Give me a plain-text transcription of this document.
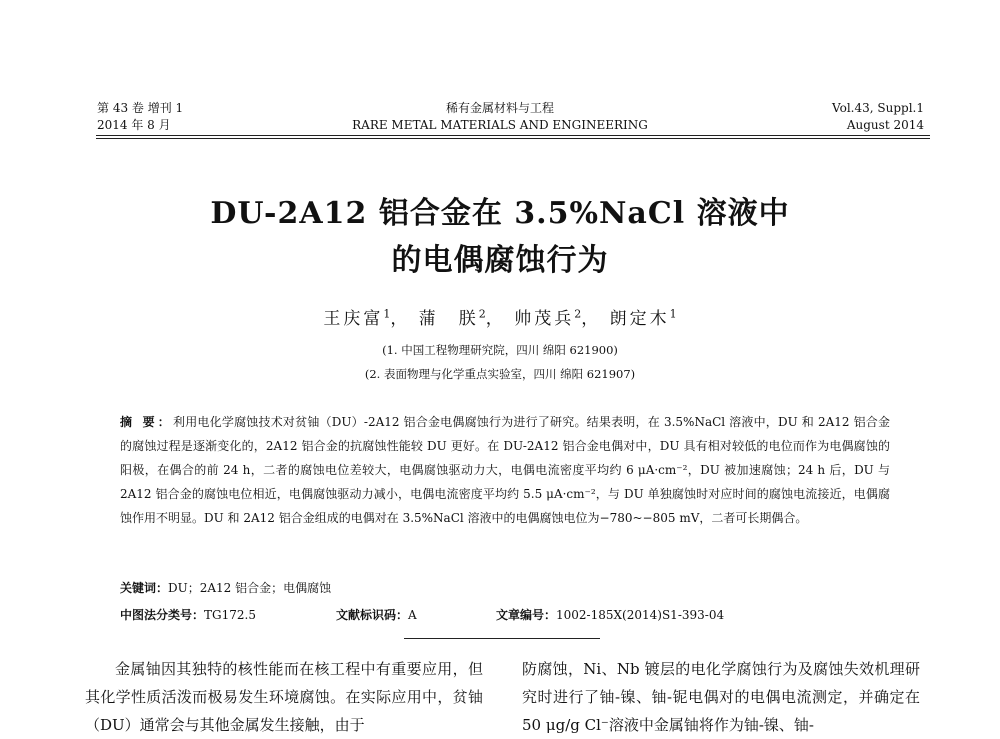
第 43 卷 增刊 1
2014 年 8 月
稀有金属材料与工程
RARE METAL MATERIALS AND ENGINEERING
Vol.43, Suppl.1
August 2014
DU-2A12 铝合金在 3.5%NaCl 溶液中
的电偶腐蚀行为
王庆富$^1$， 蒲　朕$^2$， 帅茂兵$^2$， 朗定木$^1$
(1. 中国工程物理研究院，四川 绵阳 621900)
(2. 表面物理与化学重点实验室，四川 绵阳 621907)
摘 要：利用电化学腐蚀技术对贫铀（DU）-2A12 铝合金电偶腐蚀行为进行了研究。结果表明，在 3.5%NaCl 溶液中，DU 和 2A12 铝合金的腐蚀过程是逐渐变化的，2A12 铝合金的抗腐蚀性能较 DU 更好。在 DU-2A12 铝合金电偶对中，DU 具有相对较低的电位而作为电偶腐蚀的阳极，在偶合的前 24 h，二者的腐蚀电位差较大，电偶腐蚀驱动力大，电偶电流密度平均约 6 μA·cm⁻²，DU 被加速腐蚀；24 h 后，DU 与 2A12 铝合金的腐蚀电位相近，电偶腐蚀驱动力减小，电偶电流密度平均约 5.5 μA·cm⁻²，与 DU 单独腐蚀时对应时间的腐蚀电流接近，电偶腐蚀作用不明显。DU 和 2A12 铝合金组成的电偶对在 3.5%NaCl 溶液中的电偶腐蚀电位为−780~−805 mV，二者可长期偶合。
关键词：DU；2A12 铝合金；电偶腐蚀
中图法分类号：TG172.5	文献标识码：A	文章编号：1002-185X(2014)S1-393-04
金属铀因其独特的核性能而在核工程中有重要应用，但其化学性质活泼而极易发生环境腐蚀。在实际应用中，贫铀（DU）通常会与其他金属发生接触，由于
防腐蚀，Ni、Nb 镀层的电化学腐蚀行为及腐蚀失效机理研究时进行了铀-镍、铀-铌电偶对的电偶电流测定，并确定在 50 μg/g Cl⁻溶液中金属铀将作为铀-镍、铀-
